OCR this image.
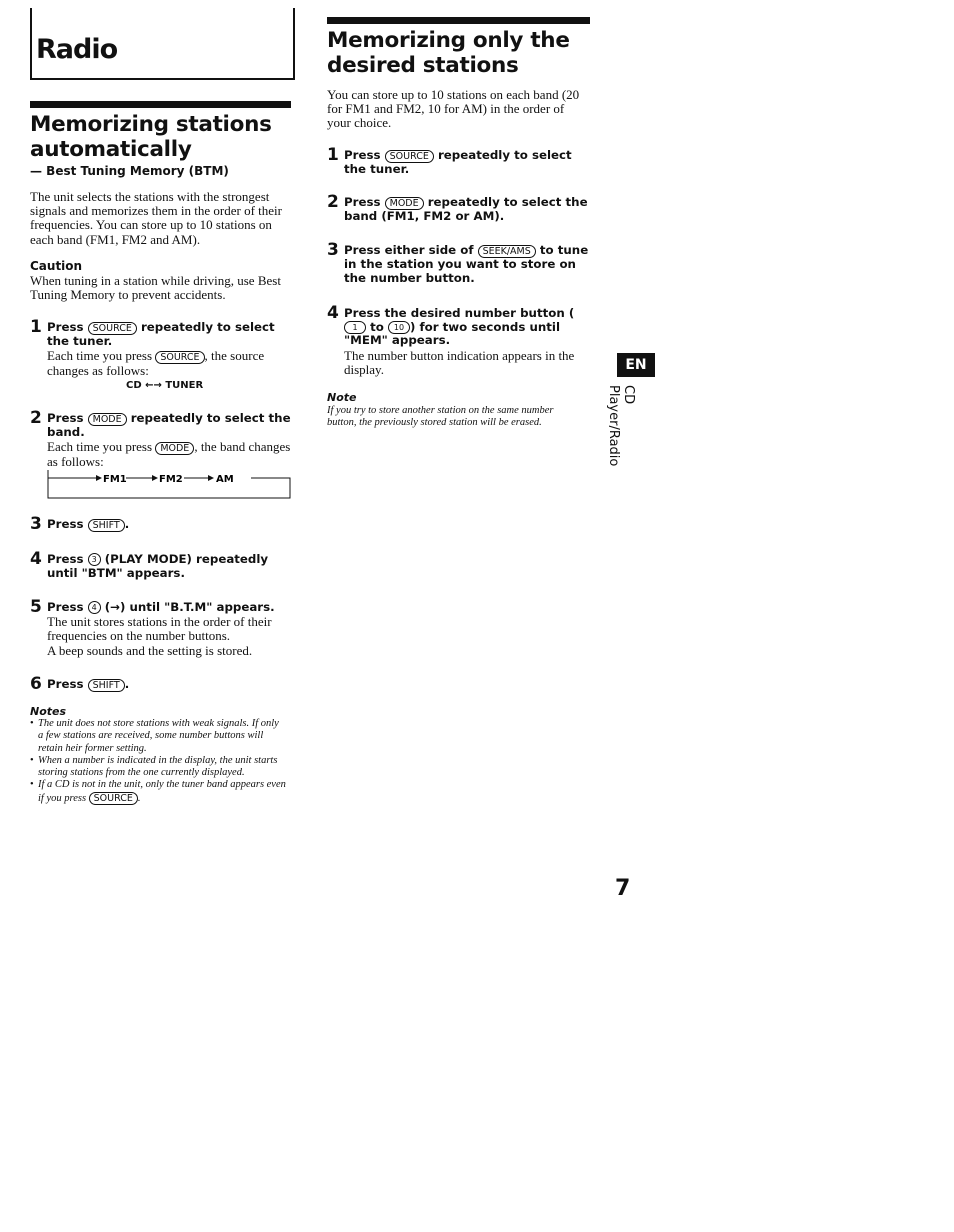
Radio
Memorizing stations automatically
— Best Tuning Memory (BTM)
The unit selects the stations with the strongest signals and memorizes them in the order of their frequencies. You can store up to 10 stations on each band (FM1, FM2 and AM).
Caution
When tuning in a station while driving, use Best Tuning Memory to prevent accidents.
1 Press SOURCE repeatedly to select the tuner.
Each time you press SOURCE , the source changes as follows:
CD ←→ TUNER
2 Press MODE repeatedly to select the band.
Each time you press MODE , the band changes as follows:
FM1	FM2	AM
3 Press SHIFT .
4 Press 3 (PLAY MODE) repeatedly until "BTM" appears.
5 Press 4 (→) until "B.T.M" appears.
The unit stores stations in the order of their frequencies on the number buttons.
A beep sounds and the setting is stored.
6 Press SHIFT .
Notes
• The unit does not store stations with weak signals. If only a few stations are received, some number buttons will retain heir former setting.
• When a number is indicated in the display, the unit starts storing stations from the one currently displayed.
• If a CD is not in the unit, only the tuner band appears even if you press SOURCE .
Memorizing only the desired stations
You can store up to 10 stations on each band (20 for FM1 and FM2, 10 for AM) in the order of your choice.
1 Press SOURCE repeatedly to select the tuner.
2 Press MODE repeatedly to select the band (FM1, FM2 or AM).
3 Press either side of SEEK/AMS to tune in the station you want to store on the number button.
4 Press the desired number button (1 to 10 ) for two seconds until "MEM" appears.
The number button indication appears in the display.
Note
If you try to store another station on the same number button, the previously stored station will be erased.
EN
CD Player/Radio
7
